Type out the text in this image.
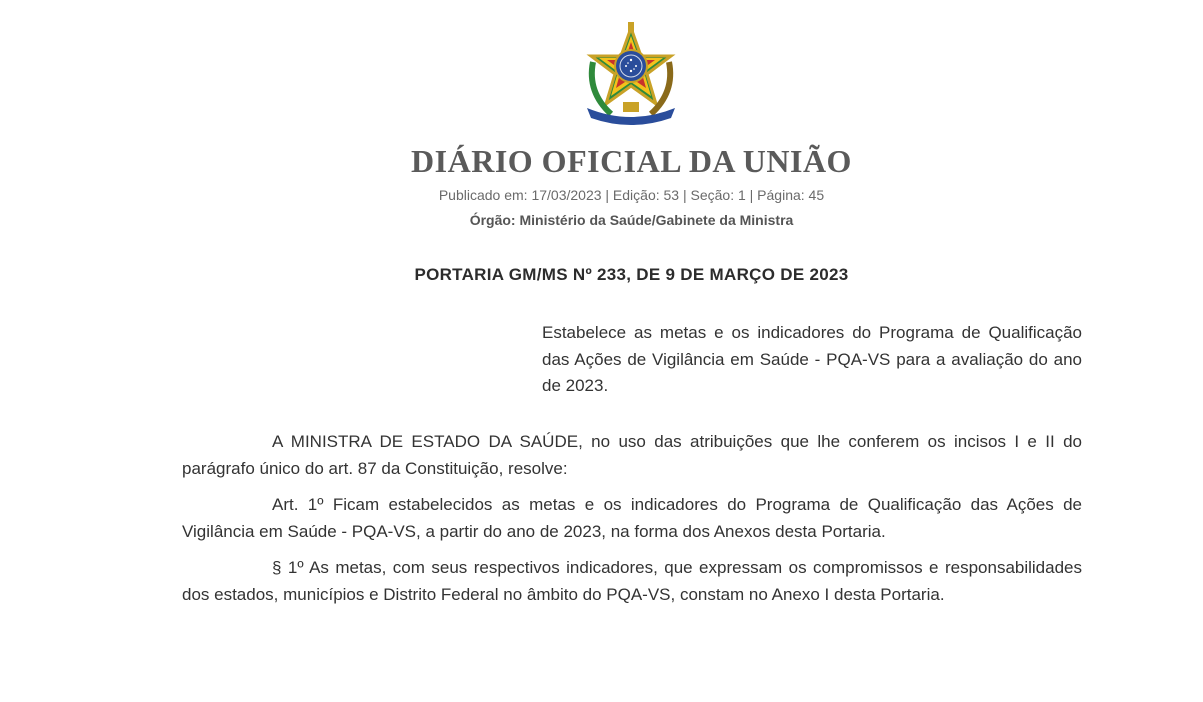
DIÁRIO OFICIAL DA UNIÃO
Publicado em: 17/03/2023 | Edição: 53 | Seção: 1 | Página: 45
Órgão: Ministério da Saúde/Gabinete da Ministra
PORTARIA GM/MS Nº 233, DE 9 DE MARÇO DE 2023
Estabelece as metas e os indicadores do Programa de Qualificação das Ações de Vigilância em Saúde - PQA-VS para a avaliação do ano de 2023.

A MINISTRA DE ESTADO DA SAÚDE, no uso das atribuições que lhe conferem os incisos I e II do parágrafo único do art. 87 da Constituição, resolve:

Art. 1º Ficam estabelecidos as metas e os indicadores do Programa de Qualificação das Ações de Vigilância em Saúde - PQA-VS, a partir do ano de 2023, na forma dos Anexos desta Portaria.

§ 1º As metas, com seus respectivos indicadores, que expressam os compromissos e responsabilidades dos estados, municípios e Distrito Federal no âmbito do PQA-VS, constam no Anexo I desta Portaria.
